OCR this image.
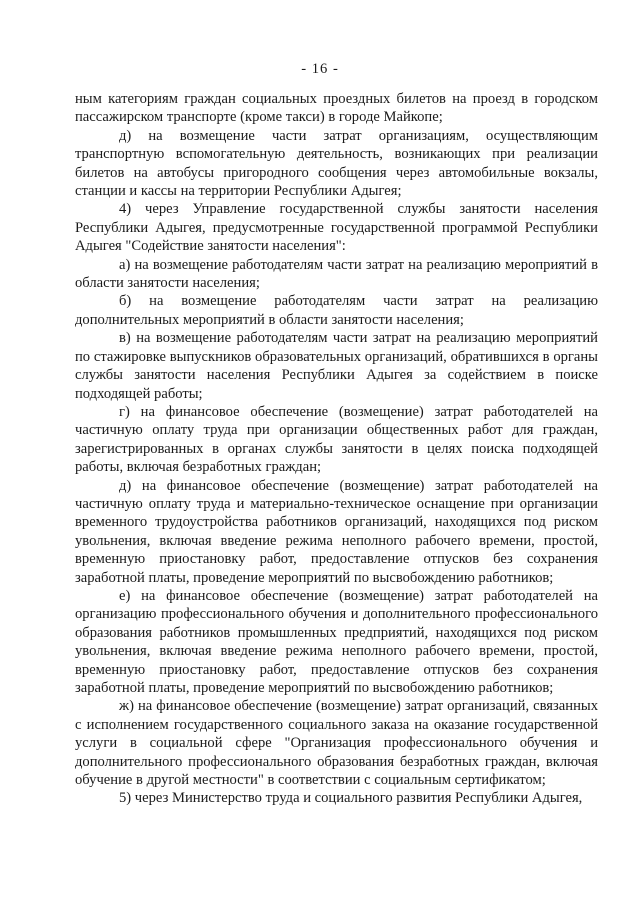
- 16 -

ным категориям граждан социальных проездных билетов на проезд в городском пассажирском транспорте (кроме такси) в городе Майкопе;

д) на возмещение части затрат организациям, осуществляющим транспортную вспомогательную деятельность, возникающих при реализации билетов на автобусы пригородного сообщения через автомобильные вокзалы, станции и кассы на территории Республики Адыгея;

4) через Управление государственной службы занятости населения Республики Адыгея, предусмотренные государственной программой Республики Адыгея "Содействие занятости населения":

а) на возмещение работодателям части затрат на реализацию мероприятий в области занятости населения;

б) на возмещение работодателям части затрат на реализацию дополнительных мероприятий в области занятости населения;

в) на возмещение работодателям части затрат на реализацию мероприятий по стажировке выпускников образовательных организаций, обратившихся в органы службы занятости населения Республики Адыгея за содействием в поиске подходящей работы;

г) на финансовое обеспечение (возмещение) затрат работодателей на частичную оплату труда при организации общественных работ для граждан, зарегистрированных в органах службы занятости в целях поиска подходящей работы, включая безработных граждан;

д) на финансовое обеспечение (возмещение) затрат работодателей на частичную оплату труда и материально-техническое оснащение при организации временного трудоустройства работников организаций, находящихся под риском увольнения, включая введение режима неполного рабочего времени, простой, временную приостановку работ, предоставление отпусков без сохранения заработной платы, проведение мероприятий по высвобождению работников;

е) на финансовое обеспечение (возмещение) затрат работодателей на организацию профессионального обучения и дополнительного профессионального образования работников промышленных предприятий, находящихся под риском увольнения, включая введение режима неполного рабочего времени, простой, временную приостановку работ, предоставление отпусков без сохранения заработной платы, проведение мероприятий по высвобождению работников;

ж) на финансовое обеспечение (возмещение) затрат организаций, связанных с исполнением государственного социального заказа на оказание государственной услуги в социальной сфере "Организация профессионального обучения и дополнительного профессионального образования безработных граждан, включая обучение в другой местности" в соответствии с социальным сертификатом;

5) через Министерство труда и социального развития Республики Адыгея,
